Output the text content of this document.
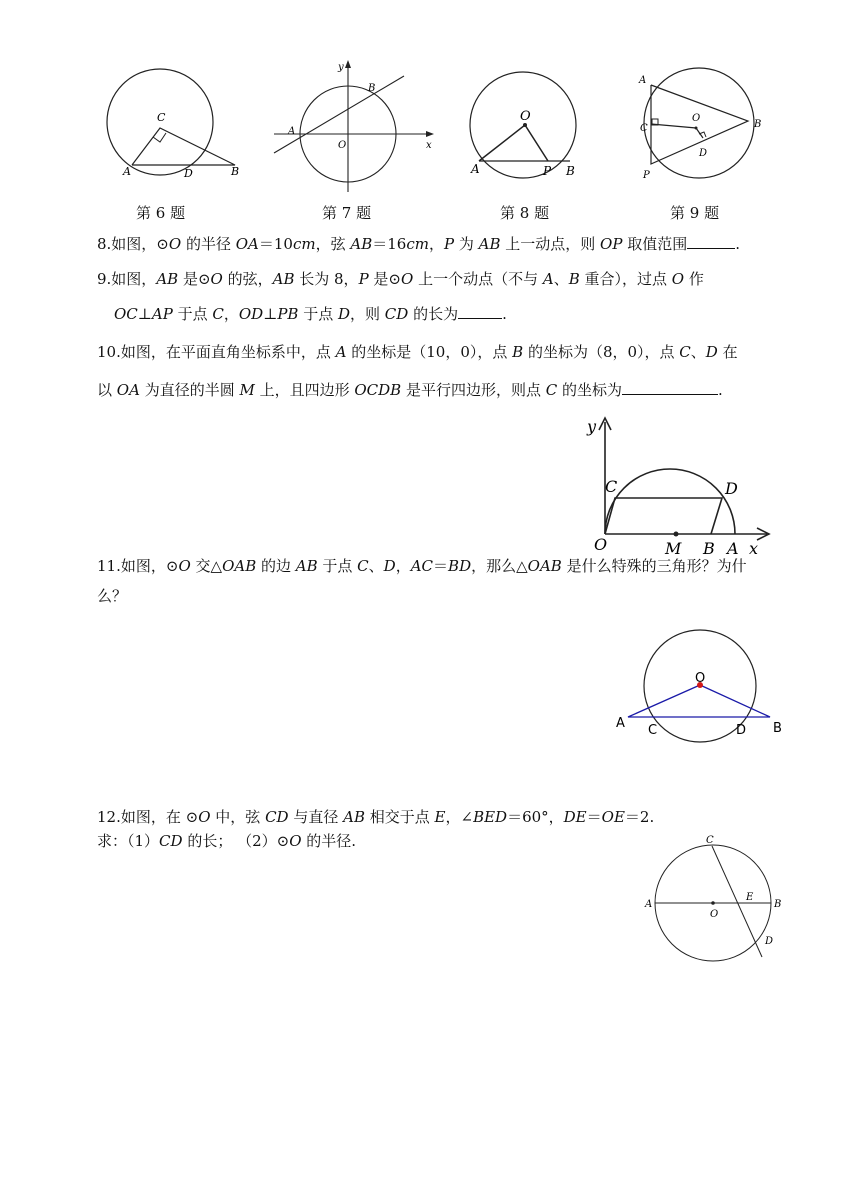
C
A	D	B
y
B
A
O	x
O
A	P B
A
B
C
O
D
P
第 6 题	第 7 题	第 8 题	第 9 题
8.如图，⊙O 的半径 OA＝10cm，弦 AB＝16cm，P 为 AB 上一动点，则 OP 取值范围	.
9.如图，AB 是⊙O 的弦，AB 长为 8，P 是⊙O 上一个动点（不与 A、B 重合），过点 O 作
OC⊥AP 于点 C，OD⊥PB 于点 D，则 CD 的长为	.
10.如图，在平面直角坐标系中，点 A 的坐标是（10，0），点 B 的坐标为（8，0），点 C、D 在
以 OA 为直径的半圆 M 上，且四边形 OCDB 是平行四边形，则点 C 的坐标为	.
y
C	D
O	M B A x
11.如图，⊙O 交△OAB 的边 AB 于点 C、D，AC＝BD，那么△OAB 是什么特殊的三角形？为什
么？
O
A C	D B
12.如图，在 ⊙O 中，弦 CD 与直径 AB 相交于点 E，∠BED＝60°，DE＝OE＝2.
求：（1）CD 的长； （2）⊙O 的半径.	C
A
O
E
B
D
